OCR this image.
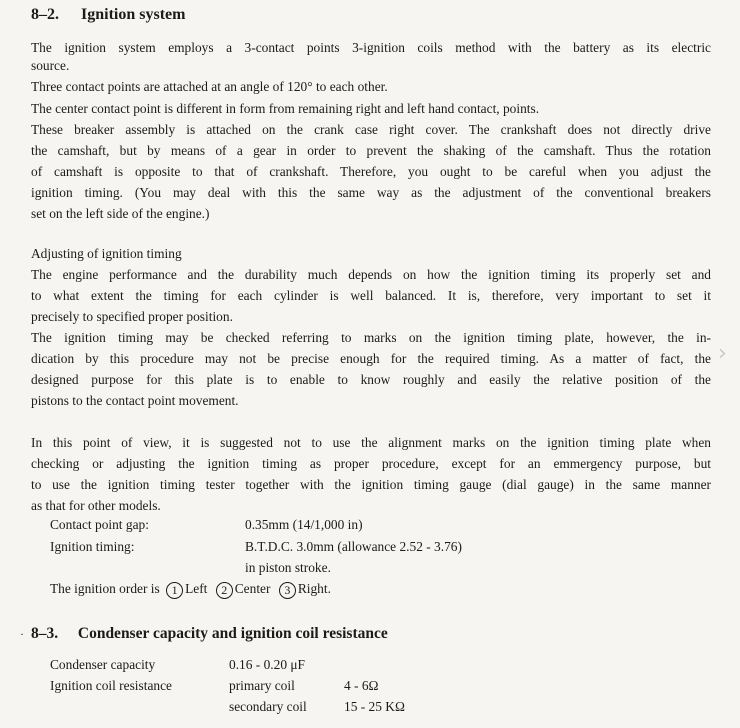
8–2. Ignition system
The ignition system employs a 3-contact points 3-ignition coils method with the battery as its electric
source.
Three contact points are attached at an angle of 120° to each other.
The center contact point is different in form from remaining right and left hand contact, points.
These breaker assembly is attached on the crank case right cover. The crankshaft does not directly drive
the camshaft, but by means of a gear in order to prevent the shaking of the camshaft. Thus the rotation
of camshaft is opposite to that of crankshaft. Therefore, you ought to be careful when you adjust the
ignition timing. (You may deal with this the same way as the adjustment of the conventional breakers
set on the left side of the engine.)
Adjusting of ignition timing
The engine performance and the durability much depends on how the ignition timing its properly set and
to what extent the timing for each cylinder is well balanced. It is, therefore, very important to set it
precisely to specified proper position.
The ignition timing may be checked referring to marks on the ignition timing plate, however, the in-
dication by this procedure may not be precise enough for the required timing. As a matter of fact, the
designed purpose for this plate is to enable to know roughly and easily the relative position of the
pistons to the contact point movement.
›
In this point of view, it is suggested not to use the alignment marks on the ignition timing plate when
checking or adjusting the ignition timing as proper procedure, except for an emmergency purpose, but
to use the ignition timing tester together with the ignition timing gauge (dial gauge) in the same manner
as that for other models.
Contact point gap:	0.35mm (14/1,000 in)
Ignition timing:	B.T.D.C. 3.0mm (allowance 2.52 - 3.76)
in piston stroke.
The ignition order is 1 Left 2 Center 3 Right.
· 8–3. Condenser capacity and ignition coil resistance
Condenser capacity	0.16 - 0.20 μF
Ignition coil resistance	primary coil	4 - 6Ω
secondary coil	15 - 25 KΩ
